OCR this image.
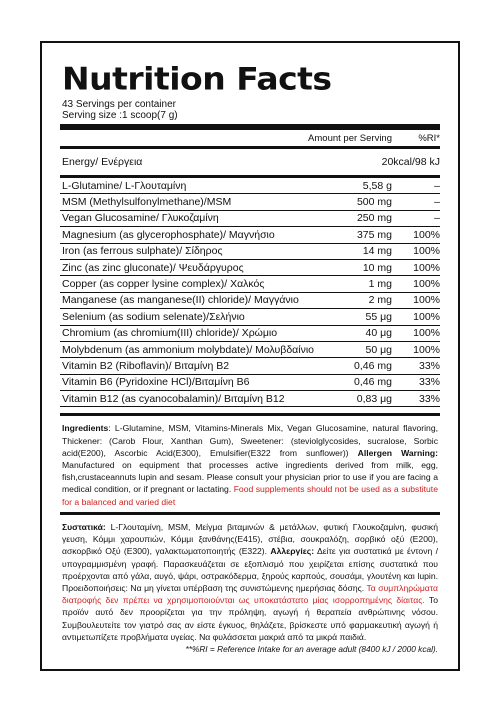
Nutrition Facts
43 Servings per container
Serving size :1 scoop(7 g)
Amount per Serving	%RI*
Energy/ Ενέργεια	20kcal/98 kJ
L-Glutamine/ L-Γλουταμίνη	5,58 g	–
MSM (Methylsulfonylmethane)/MSM	500 mg	–
Vegan Glucosamine/ Γλυκοζαμίνη	250 mg	–
Magnesium (as glycerophosphate)/ Μαγνήσιο	375 mg	100%
Iron (as ferrous sulphate)/ Σίδηρος	14 mg	100%
Zinc (as zinc gluconate)/ Ψευδάργυρος	10 mg	100%
Copper (as copper lysine complex)/ Χαλκός	1 mg	100%
Manganese (as manganese(II) chloride)/ Μαγγάνιο	2 mg	100%
Selenium (as sodium selenate)/Σελήνιο	55 μg	100%
Chromium (as chromium(III) chloride)/ Χρώμιο	40 μg	100%
Molybdenum (as ammonium molybdate)/ Μολυβδαίνιο	50 μg	100%
Vitamin B2 (Riboflavin)/ Βιταμίνη B2	0,46 mg	33%
Vitamin B6 (Pyridoxine HCl)/Βιταμίνη B6	0,46 mg	33%
Vitamin B12 (as cyanocobalamin)/ Βιταμίνη B12	0,83 μg	33%
Ingredients: L-Glutamine, MSM, Vitamins-Minerals Mix, Vegan Glucosamine, natural flavoring, Thickener: (Carob Flour, Xanthan Gum), Sweetener: (steviolglycosides, sucralose, Sorbic acid(E200), Ascorbic Acid(E300), Emulsifier(E322 from sunflower)) Allergen Warning: Manufactured on equipment that processes active ingredients derived from milk, egg, fish,crustaceannuts lupin and sesam. Please consult your physician prior to use if you are facing a medical condition, or if pregnant or lactating. Food supplements should not be used as a substitute for a balanced and varied diet
Συστατικά: L-Γλουταμίνη, MSM, Μείγμα βιταμινών & μετάλλων, φυτική Γλουκοζαμίνη, φυσική γευση, Κόμμι χαρουπιών, Κόμμι ξανθάνης(E415), στέβια, σουκραλόζη, σορβικό οξύ (E200), ασκορβικό Οξύ (E300), γαλακτωματοποιητής (E322). Αλλεργίες: Δείτε για συστατικά με έντονη / υπογραμμισμένη γραφή. Παρασκευάζεται σε εξοπλισμό που χειρίζεται επίσης συστατικά που προέρχονται από γάλα, αυγό, ψάρι, οστρακόδερμα, ξηρούς καρπούς, σουσάμι, γλουτένη και lupin. Προειδοποιήσεις: Να μη γίνεται υπέρβαση της συνιστώμενης ημερήσιας δόσης. Τα συμπληρώματα διατροφής δεν πρέπει να χρησιμοποιούνται ως υποκατάστατο μίας ισορροπημένης δίαιτας. Το προϊόν αυτό δεν προορίζεται για την πρόληψη, αγωγή ή θεραπεία ανθρώπινης νόσου. Συμβουλευτείτε τον γιατρό σας αν είστε έγκυος, θηλάζετε, βρίσκεστε υπό φαρμακευτική αγωγή ή αντιμετωπίζετε προβλήματα υγείας. Να φυλάσσεται μακριά από τα μικρά παιδιά.
**%RI = Reference Intake for an average adult (8400 kJ / 2000 kcal).
